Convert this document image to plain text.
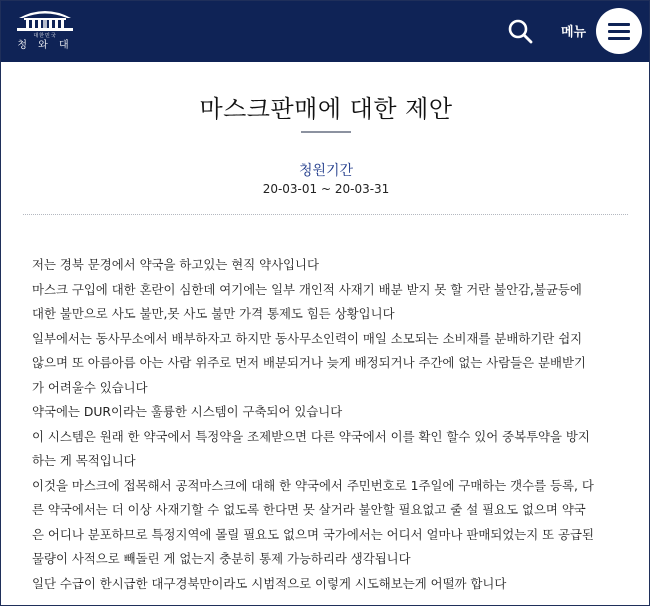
대한민국
청 와 대
메뉴
마스크판매에 대한 제안
청원기간
20-03-01 ~ 20-03-31

저는 경북 문경에서 약국을 하고있는 현직 약사입니다

마스크 구입에 대한 혼란이 심한데 여기에는 일부 개인적 사재기 배분 받지 못 할 거란 불안감,불균등에

대한 불만으로 사도 불만,못 사도 불만 가격 통제도 힘든 상황입니다

일부에서는 동사무소에서 배부하자고 하지만 동사무소인력이 매일 소모되는 소비재를 분배하기란 쉽지

않으며 또 아름아름 아는 사람 위주로 먼저 배분되거나 늦게 배정되거나 주간에 없는 사람들은 분배받기

가 어려울수 있습니다

약국에는 DUR이라는 훌륭한 시스템이 구축되어 있습니다

이 시스템은 원래 한 약국에서 특정약을 조제받으면 다른 약국에서 이를 확인 할수 있어 중복투약을 방지

하는 게 목적입니다

이것을 마스크에 접목해서 공적마스크에 대해 한 약국에서 주민번호로 1주일에 구매하는 갯수를 등록, 다

른 약국에서는 더 이상 사재기할 수 없도록 한다면 못 살거라 불안할 필요없고 줄 설 필요도 없으며 약국

은 어디나 분포하므로 특정지역에 몰릴 필요도 없으며 국가에서는 어디서 얼마나 판매되었는지 또 공급된

물량이 사적으로 빼돌린 게 없는지 충분히 통제 가능하리라 생각됩니다

일단 수급이 한시급한 대구경북만이라도 시범적으로 이렇게 시도해보는게 어떨까 합니다
